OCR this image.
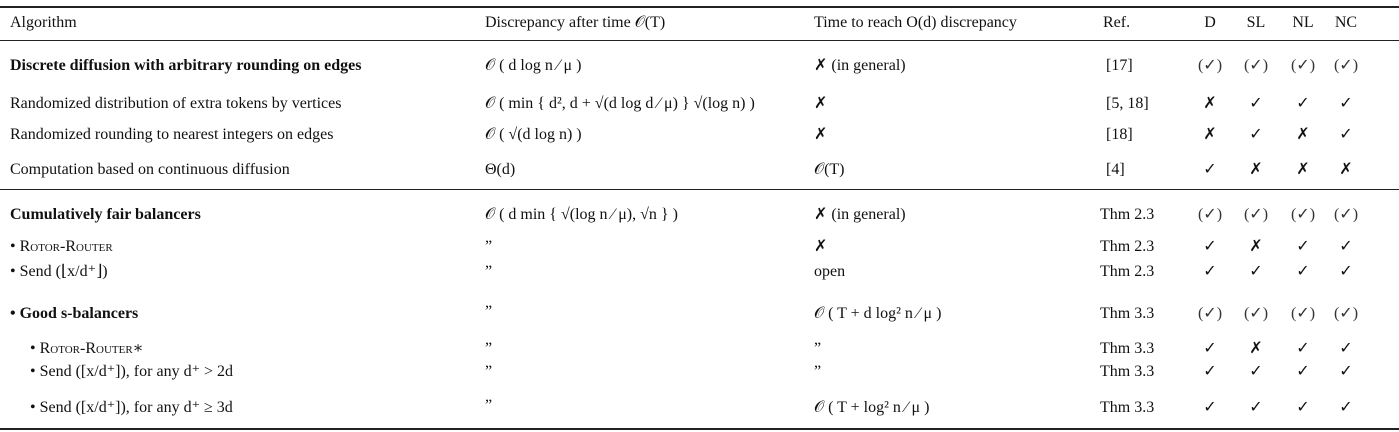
Algorithm	Discrepancy after time 𝒪(T)	Time to reach O(d) discrepancy	Ref.	D	SL	NL	NC
Discrete diffusion with arbitrary rounding on edges	𝒪 ( d log n ⁄ μ )	✗ (in general)	[17]	(✓)	(✓)	(✓)	(✓)
Randomized distribution of extra tokens by vertices	𝒪 ( min { d², d + √(d log d ⁄ μ) } √(log n) )	✗	[5, 18]	✗	✓	✓	✓
Randomized rounding to nearest integers on edges	𝒪 ( √(d log n) )	✗	[18]	✗	✓	✗	✓
Computation based on continuous diffusion	Θ(d)	𝒪(T)	[4]	✓	✗	✗	✗
Cumulatively fair balancers	𝒪 ( d min { √(log n ⁄ μ), √n } )	✗ (in general)	Thm 2.3	(✓)	(✓)	(✓)	(✓)
• Rotor-Router	”	✗	Thm 2.3	✓	✗	✓	✓
• Send (⌊x/d⁺⌋)	”	open	Thm 2.3	✓	✓	✓	✓
• Good s-balancers	”	𝒪 ( T + d log² n ⁄ μ )	Thm 3.3	(✓)	(✓)	(✓)	(✓)
• Rotor-Router∗	”	”	Thm 3.3	✓	✗	✓	✓
• Send ([x/d⁺]), for any d⁺ > 2d	”	”	Thm 3.3	✓	✓	✓	✓
• Send ([x/d⁺]), for any d⁺ ≥ 3d	”	𝒪 ( T + log² n ⁄ μ )	Thm 3.3	✓	✓	✓	✓
